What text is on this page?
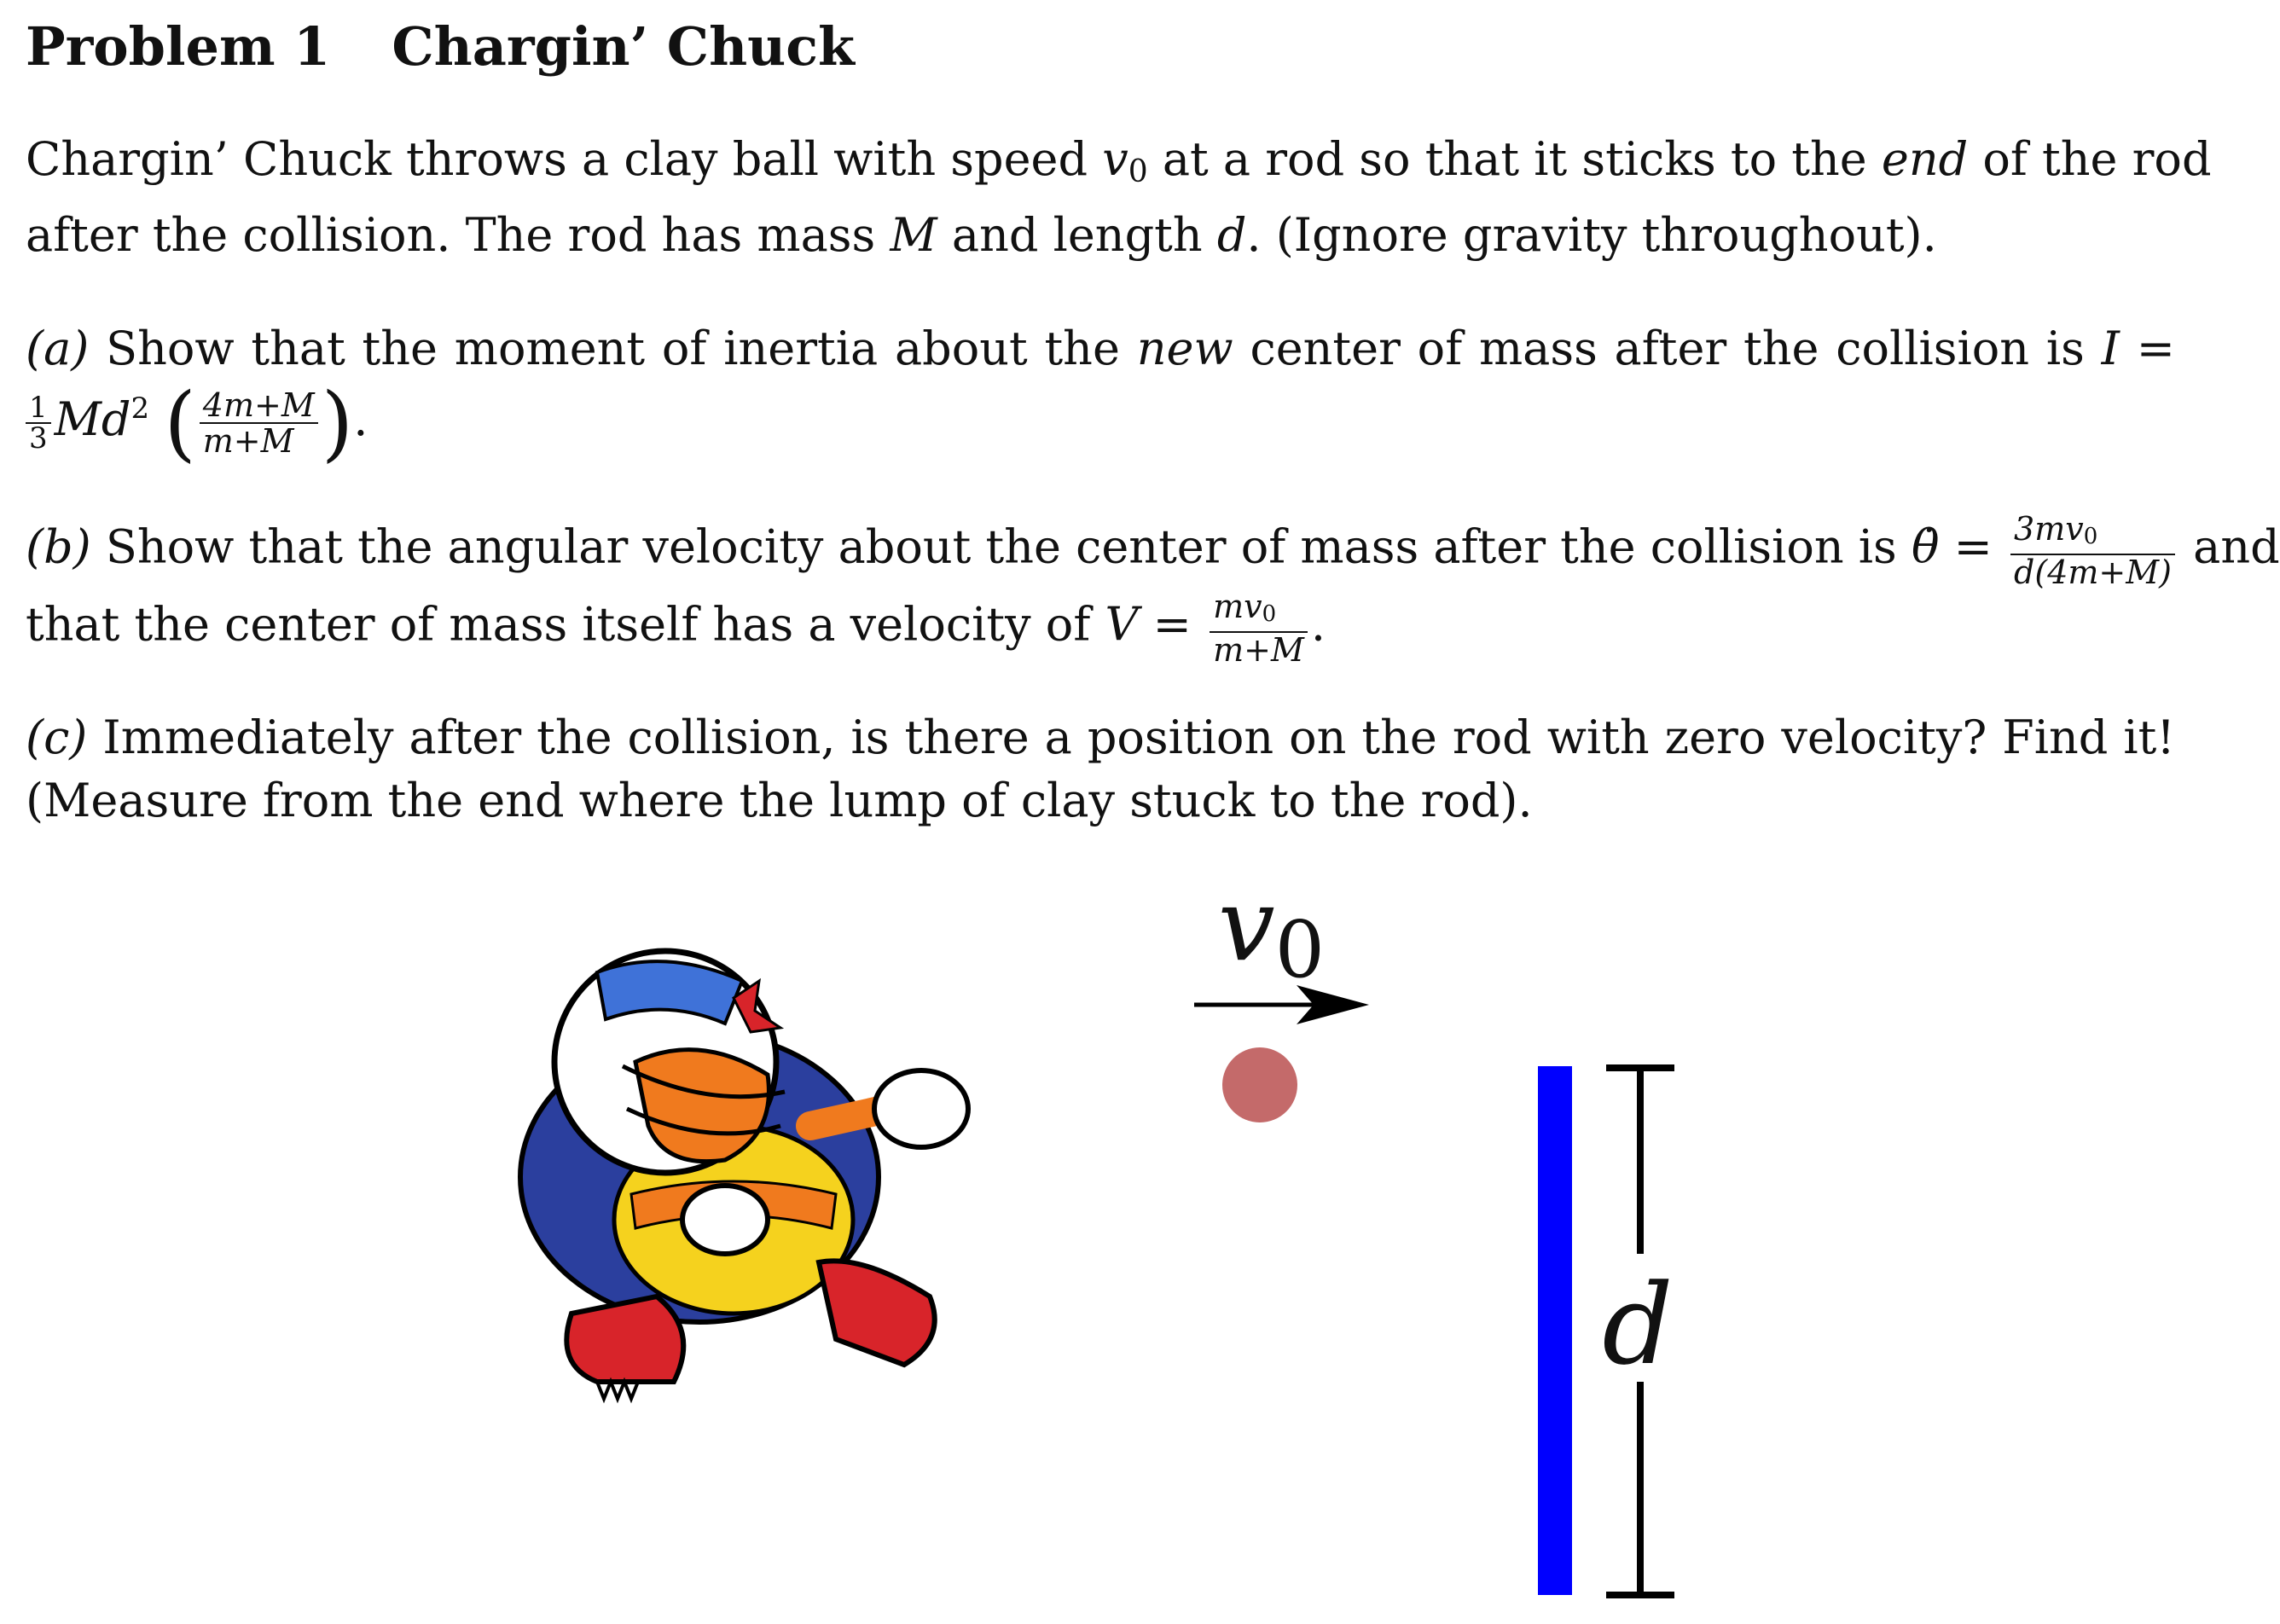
Problem 1 Chargin’ Chuck
Chargin’ Chuck throws a clay ball with speed $v_0$ at a rod so that it sticks to the end of the rod
after the collision. The rod has mass M and length d. (Ignore gravity throughout).
(a) Show that the moment of inertia about the new center of mass after the collision is I =
$\frac{1}{3} Md^2$ ( $\frac{4m+M}{m+M}$ ).
(b) Show that the angular velocity about the center of mass after the collision is θ̇ = $\frac{3mv_0}{d(4m+M)}$ and
that the center of mass itself has a velocity of $V = \frac{mv_0}{m+M}$ .
(c) Immediately after the collision, is there a position on the rod with zero velocity? Find it!
(Measure from the end where the lump of clay stuck to the rod).
v0
d
